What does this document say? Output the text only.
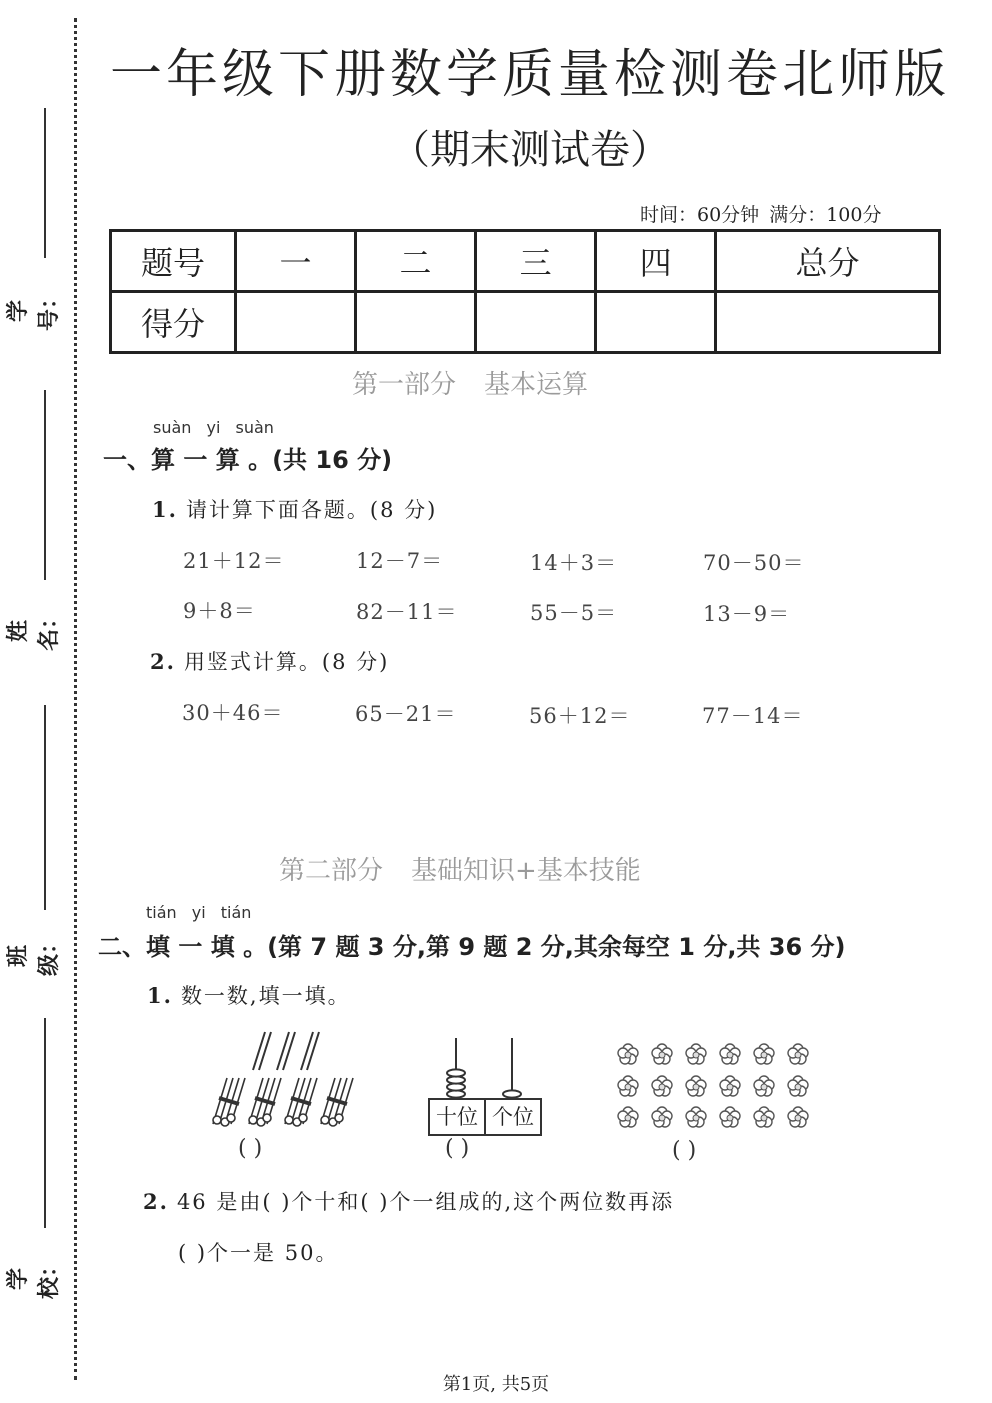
学号：
姓名：
班级：
学校：
一年级下册数学质量检测卷北师版
（期末测试卷）
时间：60分钟 满分：100分
题号	一	二	三	四	总分
得分					
第一部分 基本运算
suàn yi suàn
一、算 一 算 。(共 16 分)
1. 请计算下面各题。(8 分)
21＋12＝	12－7＝	14＋3＝	70－50＝
9＋8＝	82－11＝	55－5＝	13－9＝
2. 用竖式计算。(8 分)
30＋46＝	65－21＝	56＋12＝	77－14＝
第二部分 基础知识+基本技能
tián yi tián
二、填 一 填 。(第 7 题 3 分,第 9 题 2 分,其余每空 1 分,共 36 分)
1. 数一数,填一填。
( )
十位 个位
( )	( )
2. 46 是由( )个十和( )个一组成的,这个两位数再添
( )个一是 50。
第1页, 共5页
